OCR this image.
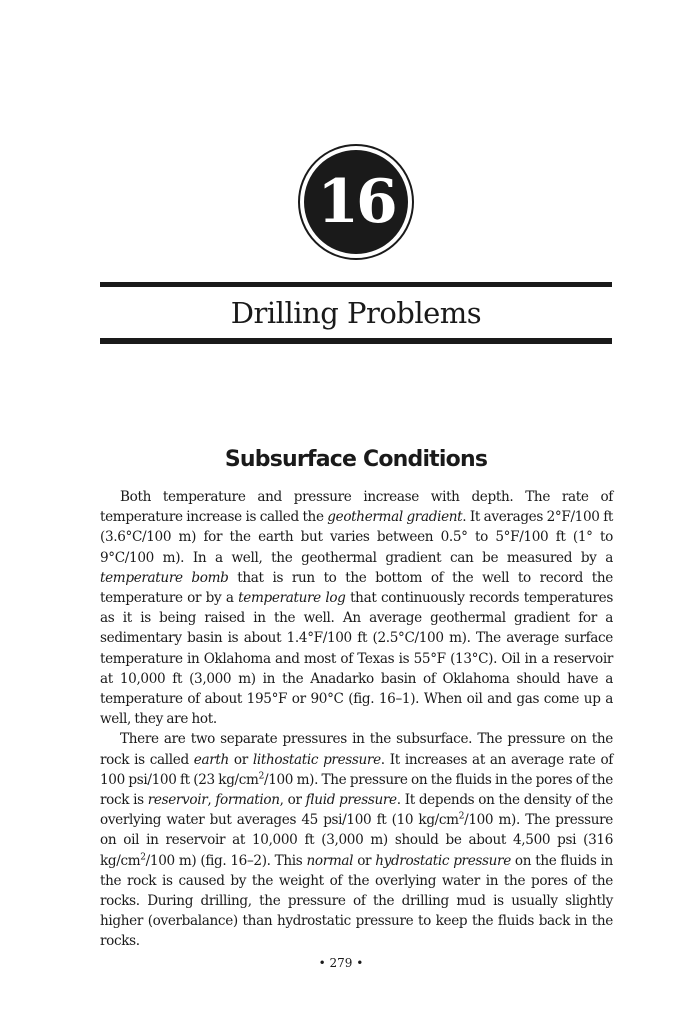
16
Drilling Problems
Subsurface Conditions

Both temperature and pressure increase with depth. The rate of temperature increase is called the geothermal gradient. It averages 2°F/100 ft (3.6°C/100 m) for the earth but varies between 0.5° to 5°F/100 ft (1° to 9°C/100 m). In a well, the geothermal gradient can be measured by a temperature bomb that is run to the bottom of the well to record the temperature or by a temperature log that continuously records temperatures as it is being raised in the well. An average geothermal gradient for a sedimentary basin is about 1.4°F/100 ft (2.5°C/100 m). The average surface temperature in Oklahoma and most of Texas is 55°F (13°C). Oil in a reservoir at 10,000 ft (3,000 m) in the Anadarko basin of Oklahoma should have a temperature of about 195°F or 90°C (fig. 16–1). When oil and gas come up a well, they are hot.

There are two separate pressures in the subsurface. The pressure on the rock is called earth or lithostatic pressure. It increases at an average rate of 100 psi/100 ft (23 $kg/cm^2/100$ m). The pressure on the fluids in the pores of the rock is reservoir, formation, or fluid pressure. It depends on the density of the overlying water but averages 45 psi/100 ft (10 $kg/cm^2/100$ m). The pressure on oil in reservoir at 10,000 ft (3,000 m) should be about 4,500 psi (316 $kg/cm^2/100$ m) (fig. 16–2). This normal or hydrostatic pressure on the fluids in the rock is caused by the weight of the overlying water in the pores of the rocks. During drilling, the pressure of the drilling mud is usually slightly higher (overbalance) than hydrostatic pressure to keep the fluids back in the rocks.

• 279 •
